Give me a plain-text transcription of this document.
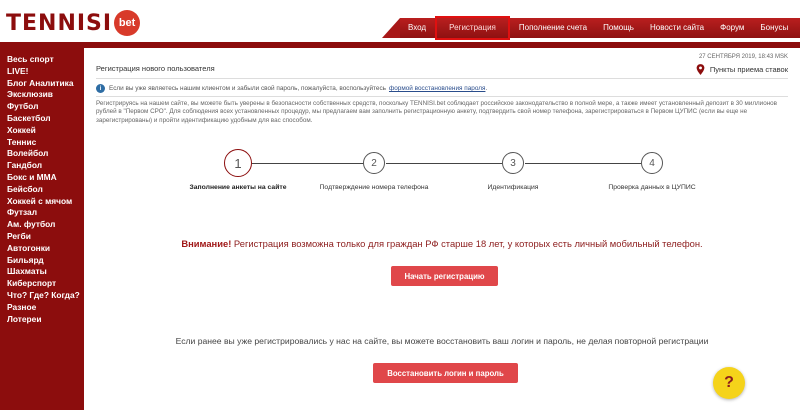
TENNISI bet	Вход	Регистрация	Пополнение счета	Помощь	Новости сайта	Форум	Бонусы
Весь спорт
LIVE!
Блог Аналитика
Эксклюзив
Футбол
Баскетбол
Хоккей
Теннис
Волейбол
Гандбол
Бокс и ММА
Бейсбол
Хоккей с мячом
Футзал
Ам. футбол
Регби
Автогонки
Бильярд
Шахматы
Киберспорт
Что? Где? Когда?
Разное
Лотереи
27 СЕНТЯБРЯ 2019, 18:43 MSK
Пункты приема ставок
Регистрация нового пользователя
i	Если вы уже являетесь нашим клиентом и забыли свой пароль, пожалуйста, воспользуйтесь формой восстановления пароля .

Регистрируясь на нашем сайте, вы можете быть уверены в безопасности собственных средств, поскольку TENNISI.bet соблюдает российское законодательство в полной мере, а также имеет установленный депозит в 30 миллионов рублей в "Первом СРО". Для соблюдения всех установленных процедур, мы предлагаем вам заполнить регистрационную анкету, подтвердить свой номер телефона, зарегистрироваться в Первом ЦУПИС (если вы еще не зарегистрированы) и пройти идентификацию удобным для вас способом.

1	2	3	4
Заполнение анкеты на сайте	Подтверждение номера телефона	Идентификация	Проверка данных в ЦУПИС
Внимание! Регистрация возможна только для граждан РФ старше 18 лет, у которых есть личный мобильный телефон.
Начать регистрацию
Если ранее вы уже регистрировались у нас на сайте, вы можете восстановить ваш логин и пароль, не делая повторной регистрации
Восстановить логин и пароль
?
